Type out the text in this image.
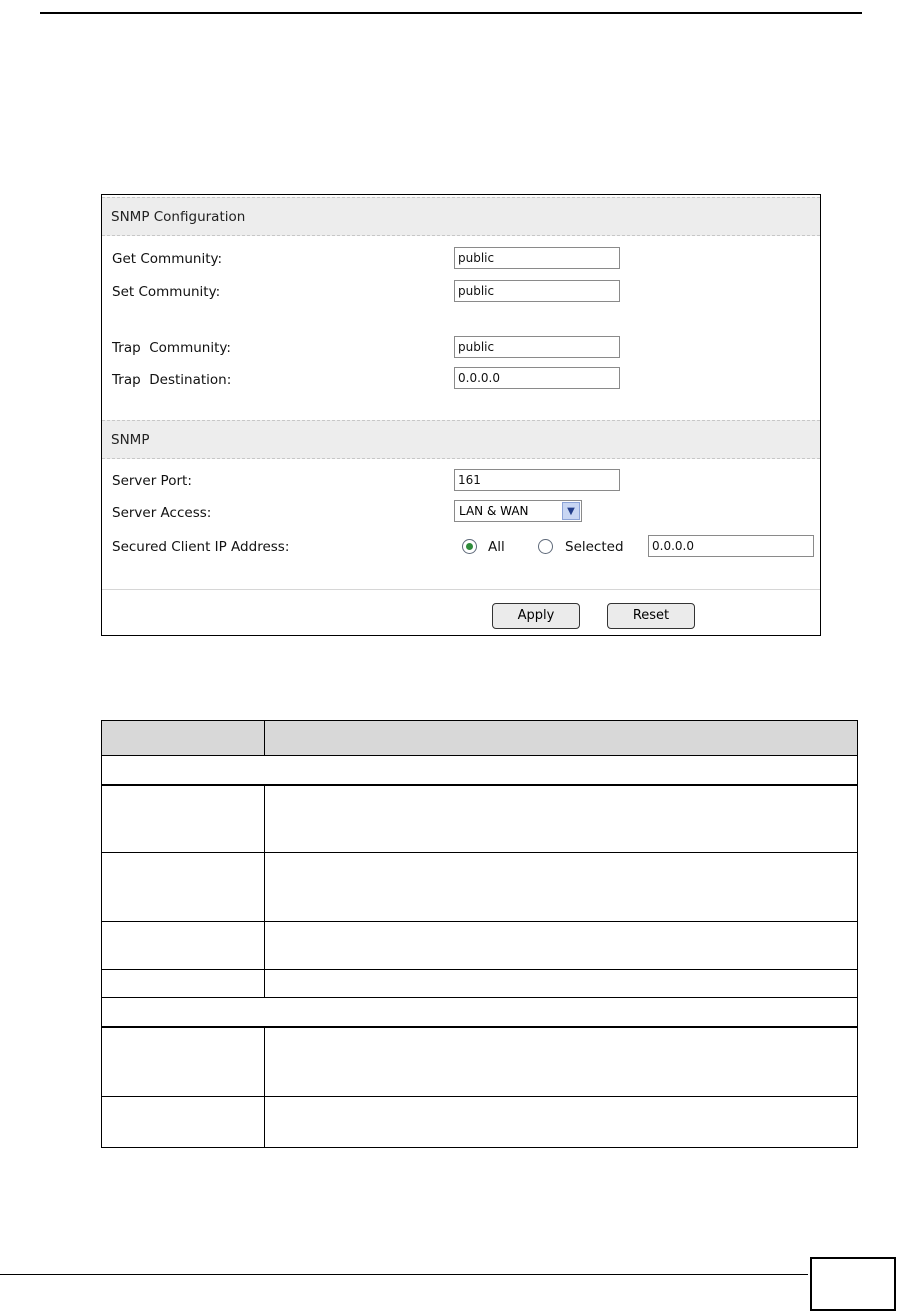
SNMP Configuration
Get Community:	public
Set Community:	public
Trap  Community:	public
Trap  Destination:	0.0.0.0
SNMP
Server Port:	161
Server Access:	LAN & WAN	▼
Secured Client IP Address:	All	Selected	0.0.0.0
Apply	Reset
